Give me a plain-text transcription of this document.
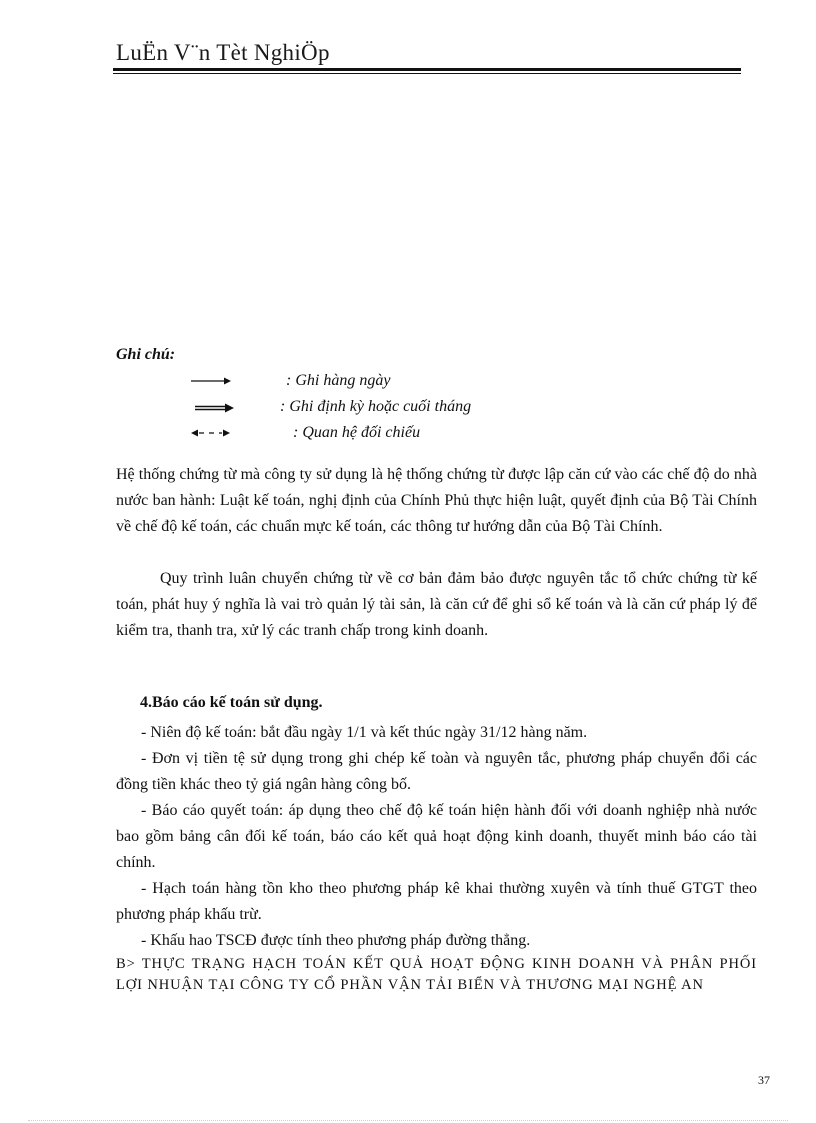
LuËn V¨n Tèt NghiÖp
Ghi chú:
: Ghi hàng ngày
: Ghi định kỳ hoặc cuối tháng
: Quan hệ đối chiếu

Hệ thống chứng từ mà công ty sử dụng là hệ thống chứng từ được lập căn cứ vào các chế độ do nhà nước ban hành: Luật kế toán, nghị định của Chính Phủ thực hiện luật, quyết định của Bộ Tài Chính về chế độ kế toán, các chuẩn mực kế toán, các thông tư hướng dẫn của Bộ Tài Chính.

Quy trình luân chuyển chứng từ về cơ bản đảm bảo được nguyên tắc tổ chức chứng từ kế toán, phát huy ý nghĩa là vai trò quản lý tài sản, là căn cứ để ghi sổ kế toán và là căn cứ pháp lý để kiểm tra, thanh tra, xử lý các tranh chấp trong kinh doanh.

4.Báo cáo kế toán sử dụng.

- Niên độ kế toán: bắt đầu ngày 1/1 và kết thúc ngày 31/12 hàng năm.

- Đơn vị tiền tệ sử dụng trong ghi chép kế toàn và nguyên tắc, phương pháp chuyển đổi các đồng tiền khác theo tỷ giá ngân hàng công bố.

- Báo cáo quyết toán: áp dụng theo chế độ kế toán hiện hành đối với doanh nghiệp nhà nước bao gồm bảng cân đối kế toán, báo cáo kết quả hoạt động kinh doanh, thuyết minh báo cáo tài chính.

- Hạch toán hàng tồn kho theo phương pháp kê khai thường xuyên và tính thuế GTGT theo phương pháp khấu trừ.

- Khấu hao TSCĐ được tính theo phương pháp đường thẳng.

B> THỰC TRẠNG HẠCH TOÁN KẾT QUẢ HOẠT ĐỘNG KINH DOANH VÀ PHÂN PHỐI LỢI NHUẬN TẠI CÔNG TY CỔ PHẦN VẬN TẢI BIỂN VÀ THƯƠNG MẠI NGHỆ AN

37
